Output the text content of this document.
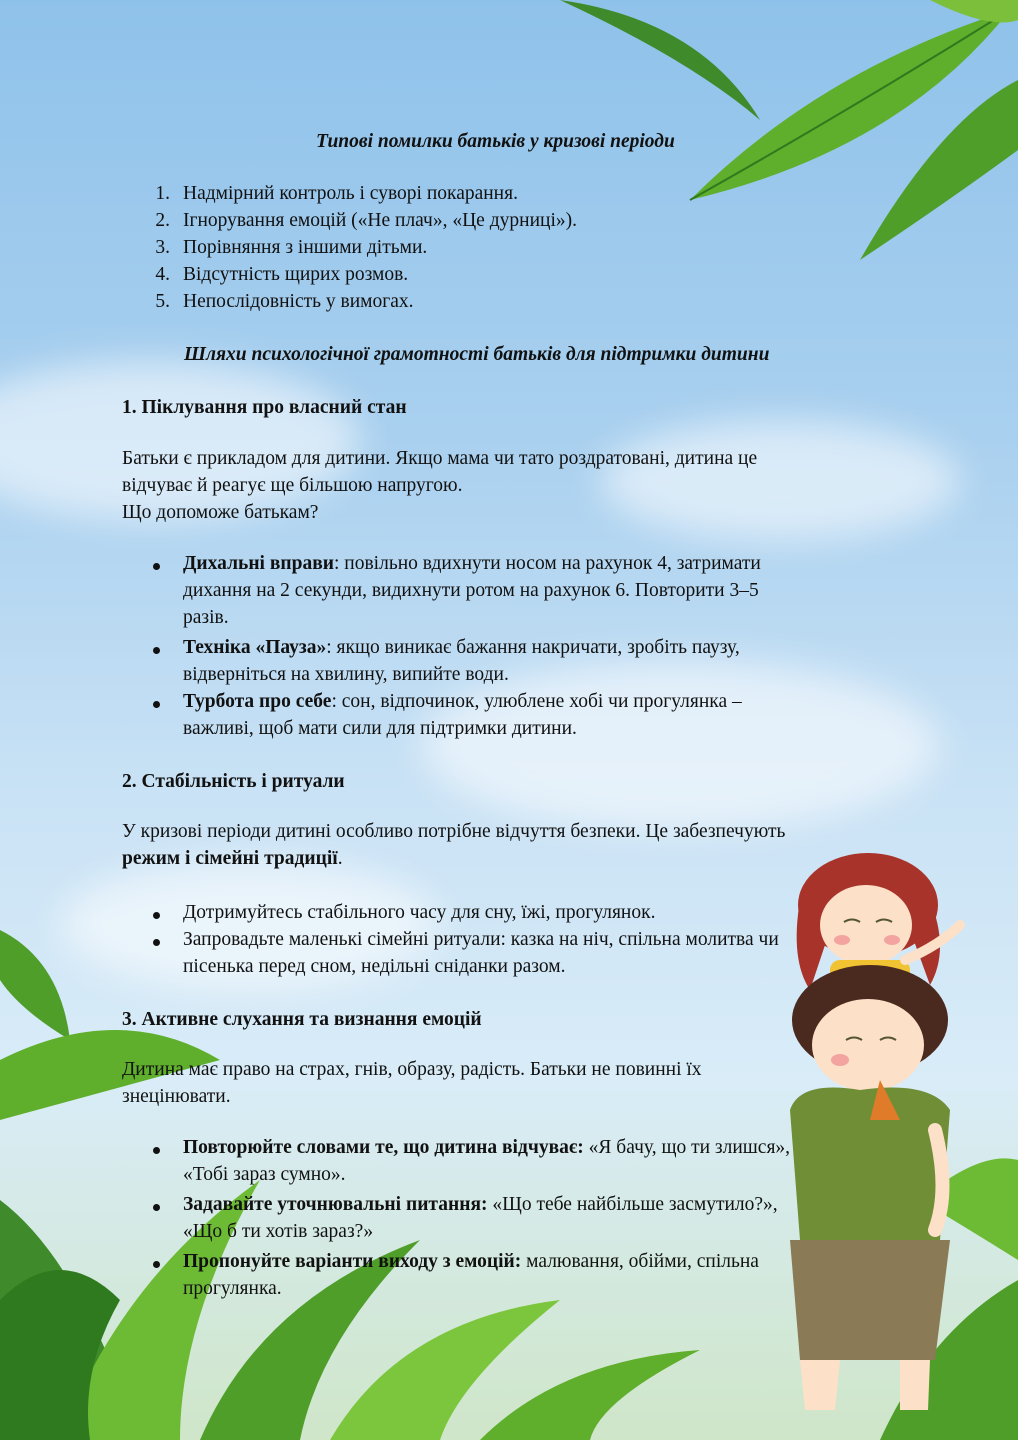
Типові помилки батьків у кризові періоди
1. Надмірний контроль і суворі покарання.
2. Ігнорування емоцій («Не плач», «Це дурниці»).
3. Порівняння з іншими дітьми.
4. Відсутність щирих розмов.
5. Непослідовність у вимогах.
Шляхи психологічної грамотності батьків для підтримки дитини
1. Піклування про власний стан
Батьки є прикладом для дитини. Якщо мама чи тато роздратовані, дитина це
відчуває й реагує ще більшою напругою.
Що допоможе батькам?
Дихальні вправи: повільно вдихнути носом на рахунок 4, затримати
дихання на 2 секунди, видихнути ротом на рахунок 6. Повторити 3–5
разів.
Техніка «Пауза»: якщо виникає бажання накричати, зробіть паузу,
відверніться на хвилину, випийте води.
Турбота про себе: сон, відпочинок, улюблене хобі чи прогулянка –
важливі, щоб мати сили для підтримки дитини.
2. Стабільність і ритуали
У кризові періоди дитині особливо потрібне відчуття безпеки. Це забезпечують
режим і сімейні традиції.
Дотримуйтесь стабільного часу для сну, їжі, прогулянок.
Запровадьте маленькі сімейні ритуали: казка на ніч, спільна молитва чи
пісенька перед сном, недільні сніданки разом.
3. Активне слухання та визнання емоцій
Дитина має право на страх, гнів, образу, радість. Батьки не повинні їх
знецінювати.
Повторюйте словами те, що дитина відчуває: «Я бачу, що ти злишся»,
«Тобі зараз сумно».
Задавайте уточнювальні питання: «Що тебе найбільше засмутило?»,
«Що б ти хотів зараз?»
Пропонуйте варіанти виходу з емоцій: малювання, обійми, спільна
прогулянка.
